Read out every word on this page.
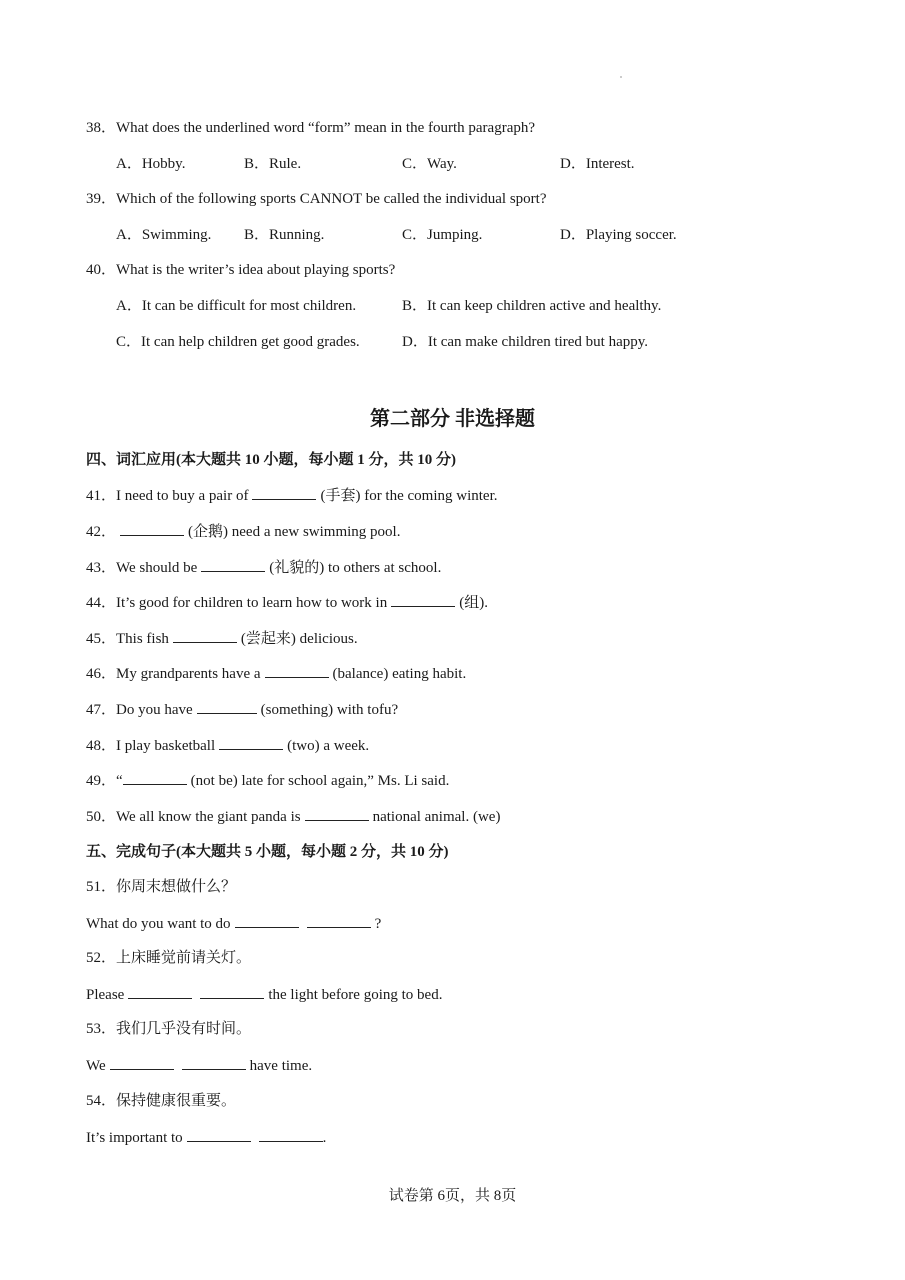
38．What does the underlined word “form” mean in the fourth paragraph?
A．Hobby.	B．Rule.	C．Way.	D．Interest.
39．Which of the following sports CANNOT be called the individual sport?
A．Swimming. B．Running.	C．Jumping.	D．Playing soccer.
40．What is the writer’s idea about playing sports?
A．It can be difficult for most children.	B．It can keep children active and healthy.
C．It can help children get good grades.	D．It can make children tired but happy.
第二部分 非选择题
四、词汇应用(本大题共 10 小题，每小题 1 分，共 10 分)
41．I need to buy a pair of	(手套) for the coming winter.
42．	(企鹅) need a new swimming pool.
43．We should be	(礼貌的) to others at school.
44．It’s good for children to learn how to work in	(组).
45．This fish	(尝起来) delicious.
46．My grandparents have a	(balance) eating habit.
47．Do you have	(something) with tofu?
48．I play basketball	(two) a week.
49．“	(not be) late for school again,” Ms. Li said.
50．We all know the giant panda is	national animal. (we)
五、完成句子(本大题共 5 小题，每小题 2 分，共 10 分)
51．你周末想做什么？
What do you want to do	?
52．上床睡觉前请关灯。
Please	the light before going to bed.
53．我们几乎没有时间。
We	have time.
54．保持健康很重要。
It’s important to	.
试卷第 6页，共 8页
